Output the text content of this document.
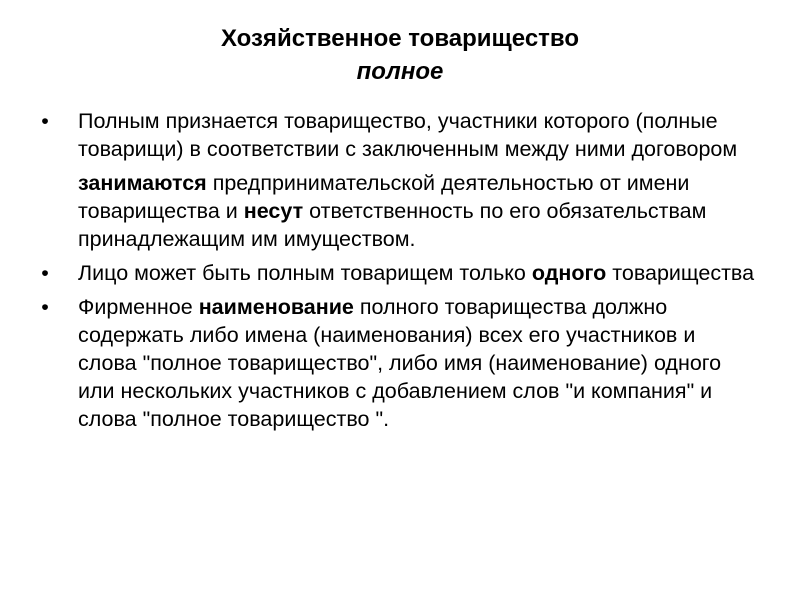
Хозяйственное товарищество
полное
• Полным признается товарищество, участники которого (полные товарищи) в соответствии с заключенным между ними договором
занимаются предпринимательской деятельностью от имени товарищества и несут ответственность по его обязательствам принадлежащим им имуществом.
• Лицо может быть полным товарищем только одного товарищества
• Фирменное наименование полного товарищества должно содержать либо имена (наименования) всех его участников и слова "полное товарищество", либо имя (наименование) одного или нескольких участников с добавлением слов "и компания" и слова "полное товарищество ".
